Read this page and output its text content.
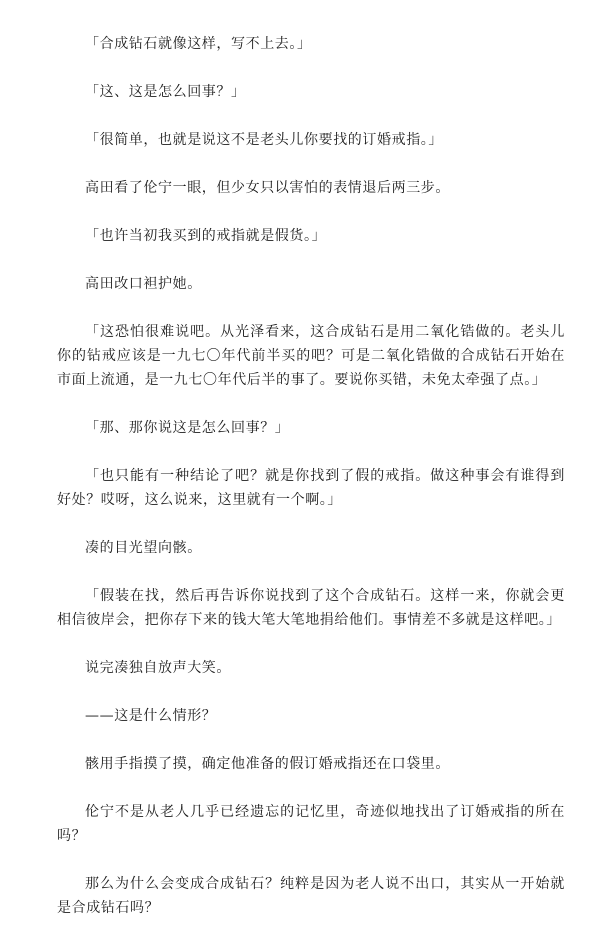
「合成钻石就像这样，写不上去。」

「这、这是怎么回事？」

「很简单，也就是说这不是老头儿你要找的订婚戒指。」

高田看了伦宁一眼，但少女只以害怕的表情退后两三步。

「也许当初我买到的戒指就是假货。」

高田改口袒护她。

「这恐怕很难说吧。从光泽看来，这合成钻石是用二氧化锆做的。老头儿你的钻戒应该是一九七〇年代前半买的吧？可是二氧化锆做的合成钻石开始在市面上流通，是一九七〇年代后半的事了。要说你买错，未免太牵强了点。」

「那、那你说这是怎么回事？」

「也只能有一种结论了吧？就是你找到了假的戒指。做这种事会有谁得到好处？哎呀，这么说来，这里就有一个啊。」

凑的目光望向骸。

「假装在找，然后再告诉你说找到了这个合成钻石。这样一来，你就会更相信彼岸会，把你存下来的钱大笔大笔地捐给他们。事情差不多就是这样吧。」

说完凑独自放声大笑。

——这是什么情形？

骸用手指摸了摸，确定他准备的假订婚戒指还在口袋里。

伦宁不是从老人几乎已经遗忘的记忆里，奇迹似地找出了订婚戒指的所在吗？

那么为什么会变成合成钻石？纯粹是因为老人说不出口，其实从一开始就是合成钻石吗？
